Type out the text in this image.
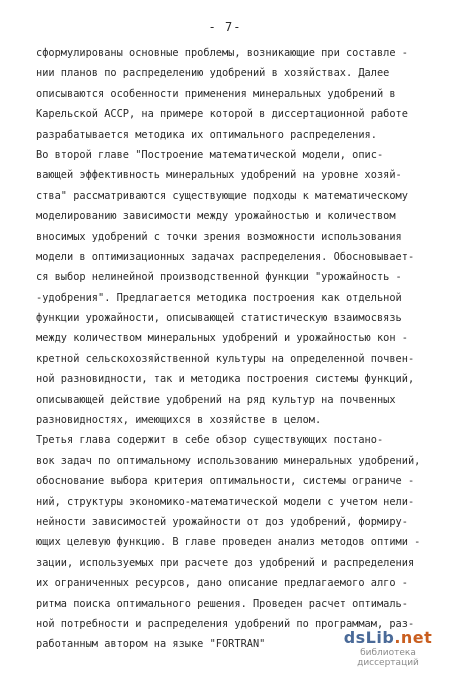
- 7-
сформулированы основные проблемы, возникающие при составле -
нии планов по распределению удобрений в хозяйствах. Далее
описываются особенности применения минеральных удобрений в
Карельской АССР, на примере которой в диссертационной работе
разрабатывается методика их оптимального распределения.
Во второй главе "Построение математической модели, опис-
вающей эффективность минеральных удобрений на уровне хозяй-
ства" рассматриваются существующие подходы к математическому
моделированию зависимости между урожайностью и количеством
вносимых удобрений с точки зрения возможности использования
модели в оптимизационных задачах распределения. Обосновывает-
ся выбор нелинейной производственной функции "урожайность -
-удобрения". Предлагается методика построения как отдельной
функции урожайности, описывающей статистическую взаимосвязь
между количеством минеральных удобрений и урожайностью кон -
кретной сельскохозяйственной культуры на определенной почвен-
ной разновидности, так и методика построения системы функций,
описывающей действие удобрений на ряд культур на почвенных
разновидностях, имеющихся в хозяйстве в целом.
Третья глава содержит в себе обзор существующих постано-
вок задач по оптимальному использованию минеральных удобрений,
обоснование выбора критерия оптимальности, системы ограниче -
ний, структуры экономико-математической модели с учетом нели-
нейности зависимостей урожайности от доз удобрений, формиру-
ющих целевую функцию. В главе проведен анализ методов оптими -
зации, используемых при расчете доз удобрений и распределения
их ограниченных ресурсов, дано описание предлагаемого алго -
ритма поиска оптимального решения. Проведен расчет оптималь-
ной потребности и распределения удобрений по программам, раз-
работанным автором на языке "FORTRAN"	dsLib.net
библиотека диссертаций
